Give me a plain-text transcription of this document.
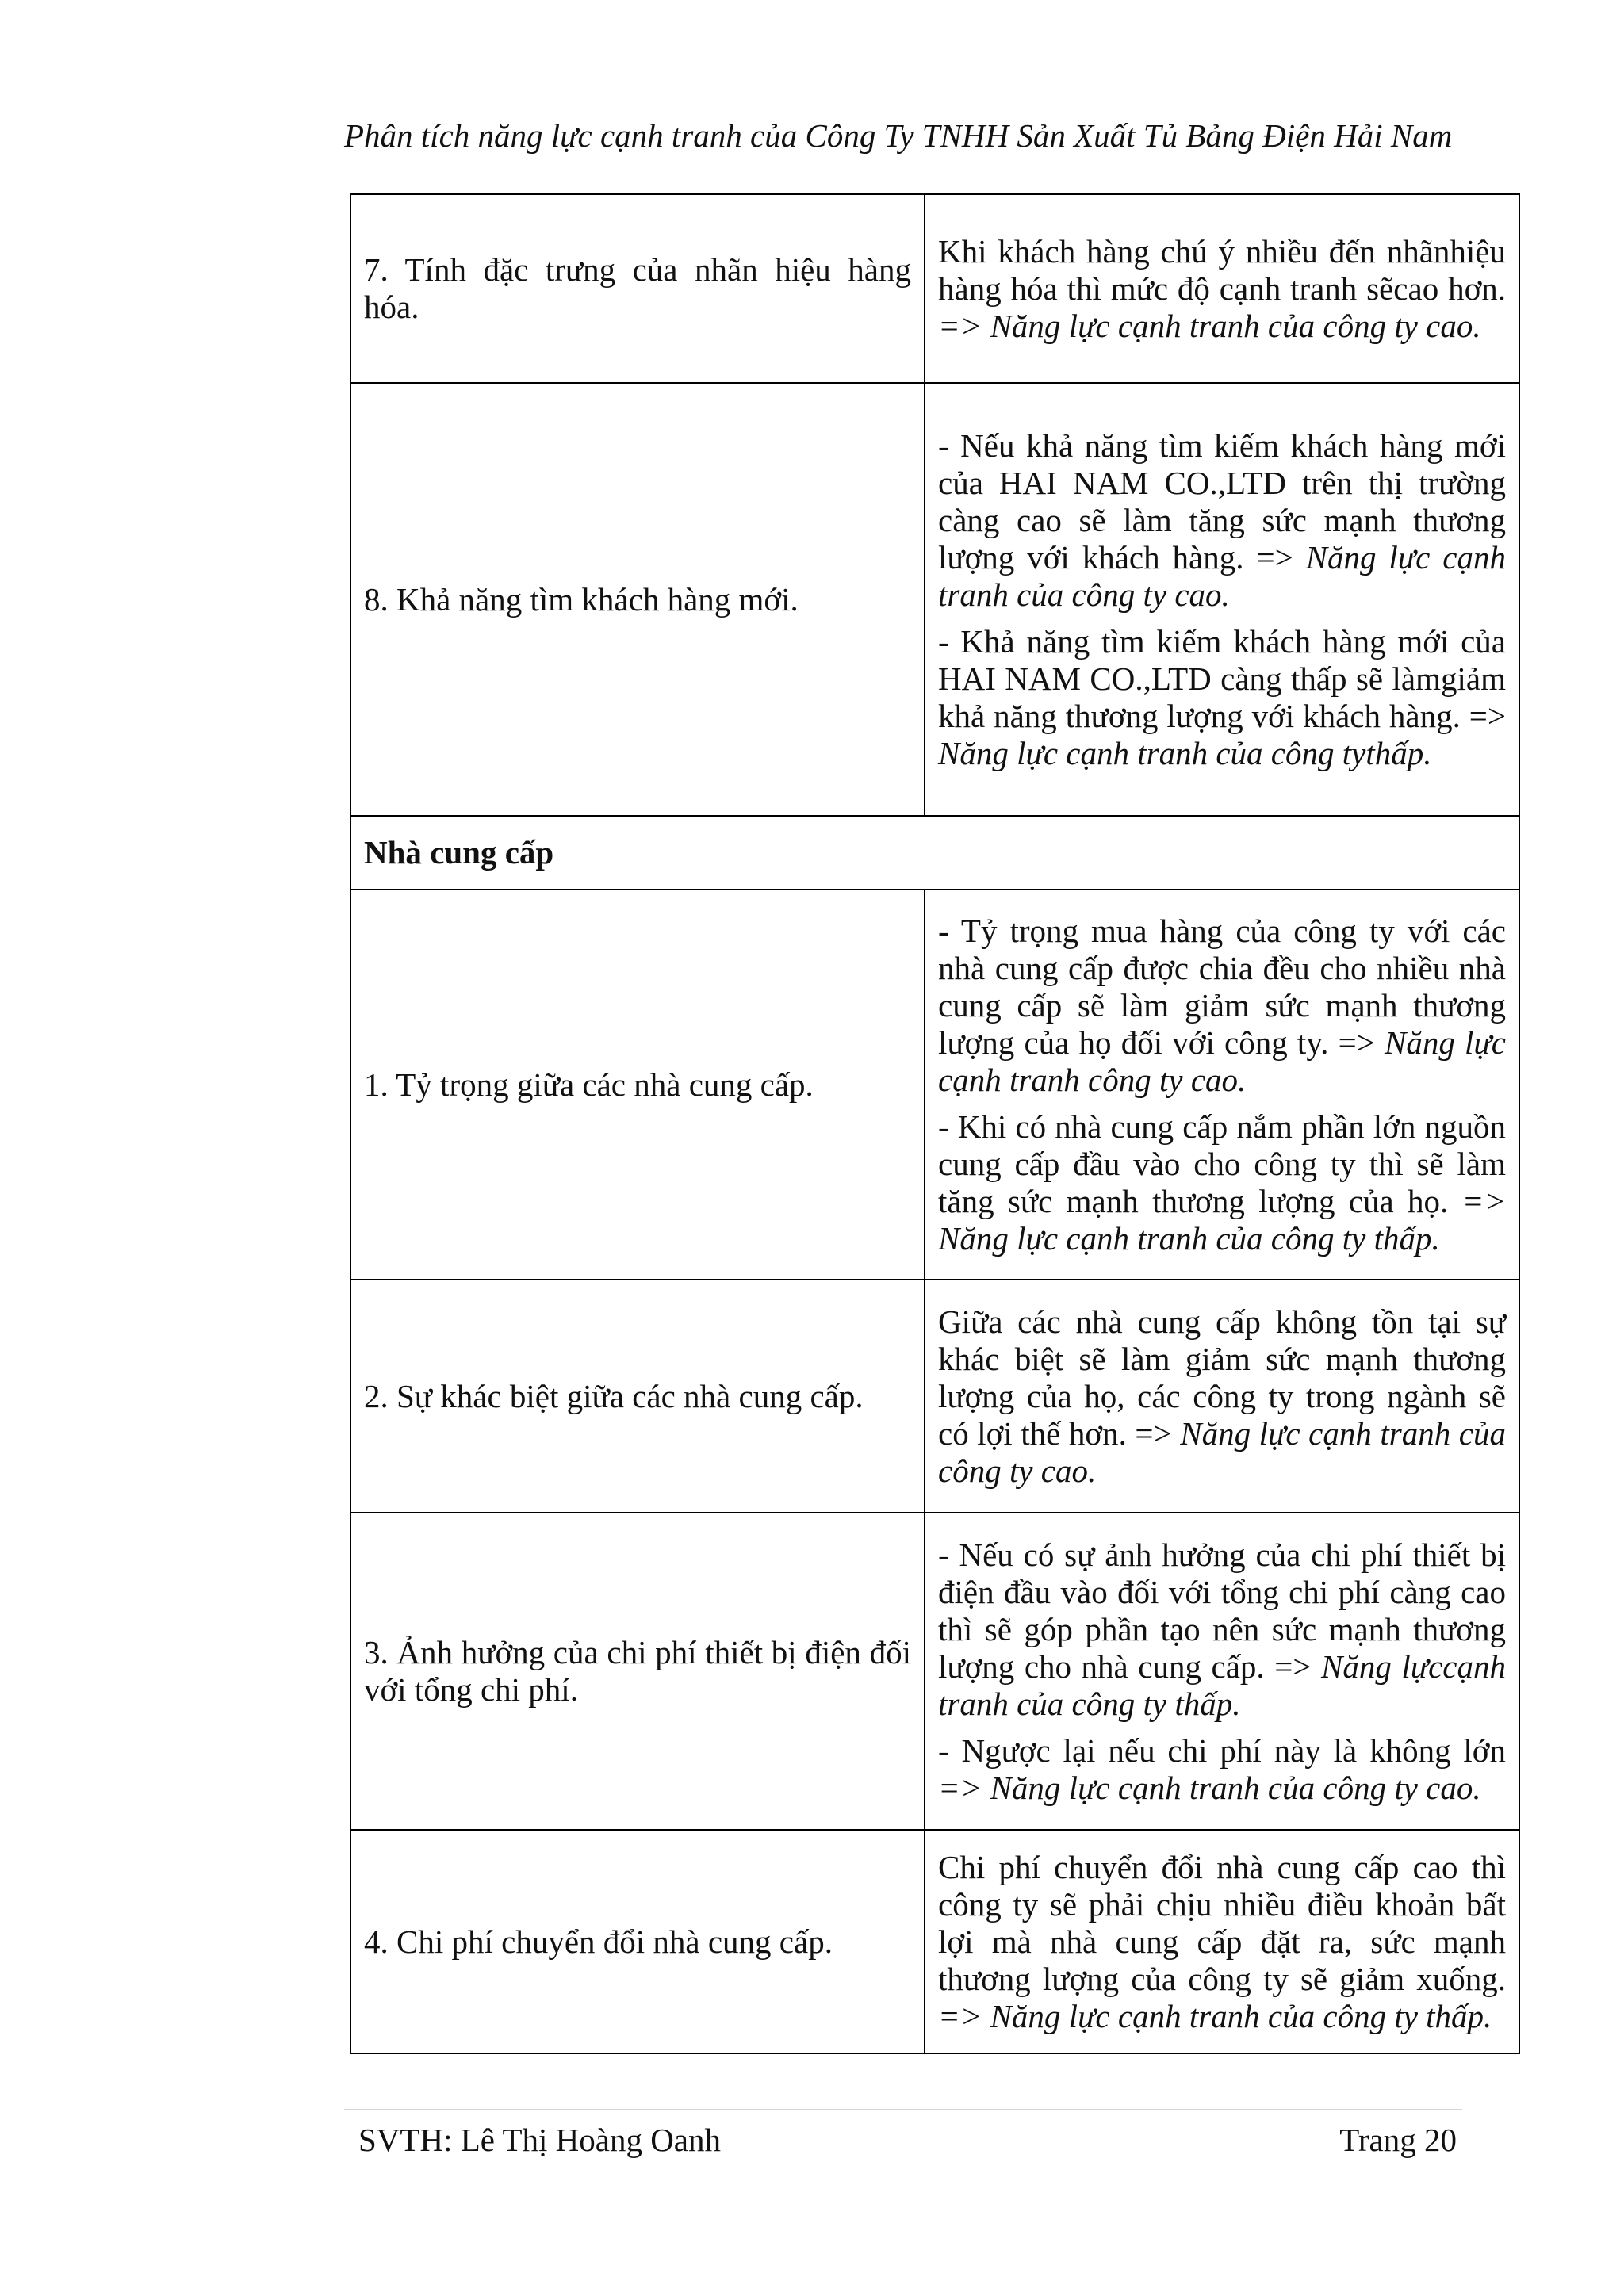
Phân tích năng lực cạnh tranh của Công Ty TNHH Sản Xuất Tủ Bảng Điện Hải Nam
7. Tính đặc trưng của nhãn hiệu hàng hóa.	Khi khách hàng chú ý nhiều đến nhãnhiệu hàng hóa thì mức độ cạnh tranh sẽcao hơn. => Năng lực cạnh tranh của công ty cao.

8. Khả năng tìm khách hàng mới.	- Nếu khả năng tìm kiếm khách hàng mới của HAI NAM CO.,LTD trên thị trường càng cao sẽ làm tăng sức mạnh thương lượng với khách hàng. => Năng lực cạnh tranh của công ty cao.

- Khả năng tìm kiếm khách hàng mới của HAI NAM CO.,LTD càng thấp sẽ làmgiảm khả năng thương lượng với khách hàng. => Năng lực cạnh tranh của công tythấp.

Nhà cung cấp	
1. Tỷ trọng giữa các nhà cung cấp.	- Tỷ trọng mua hàng của công ty với các nhà cung cấp được chia đều cho nhiều nhà cung cấp sẽ làm giảm sức mạnh thương lượng của họ đối với công ty. => Năng lực cạnh tranh công ty cao.

- Khi có nhà cung cấp nắm phần lớn nguồn cung cấp đầu vào cho công ty thì sẽ làm tăng sức mạnh thương lượng của họ. => Năng lực cạnh tranh của công ty thấp.

2. Sự khác biệt giữa các nhà cung cấp.	Giữa các nhà cung cấp không tồn tại sự khác biệt sẽ làm giảm sức mạnh thương lượng của họ, các công ty trong ngành sẽ có lợi thế hơn. => Năng lực cạnh tranh của công ty cao.

3. Ảnh hưởng của chi phí thiết bị điện đối với tổng chi phí.	- Nếu có sự ảnh hưởng của chi phí thiết bị điện đầu vào đối với tổng chi phí càng cao thì sẽ góp phần tạo nên sức mạnh thương lượng cho nhà cung cấp. => Năng lựccạnh tranh của công ty thấp.

- Ngược lại nếu chi phí này là không lớn => Năng lực cạnh tranh của công ty cao.

4. Chi phí chuyển đổi nhà cung cấp.	Chi phí chuyển đổi nhà cung cấp cao thì công ty sẽ phải chịu nhiều điều khoản bất lợi mà nhà cung cấp đặt ra, sức mạnh thương lượng của công ty sẽ giảm xuống. => Năng lực cạnh tranh của công ty thấp.

SVTH: Lê Thị Hoàng Oanh	Trang 20
